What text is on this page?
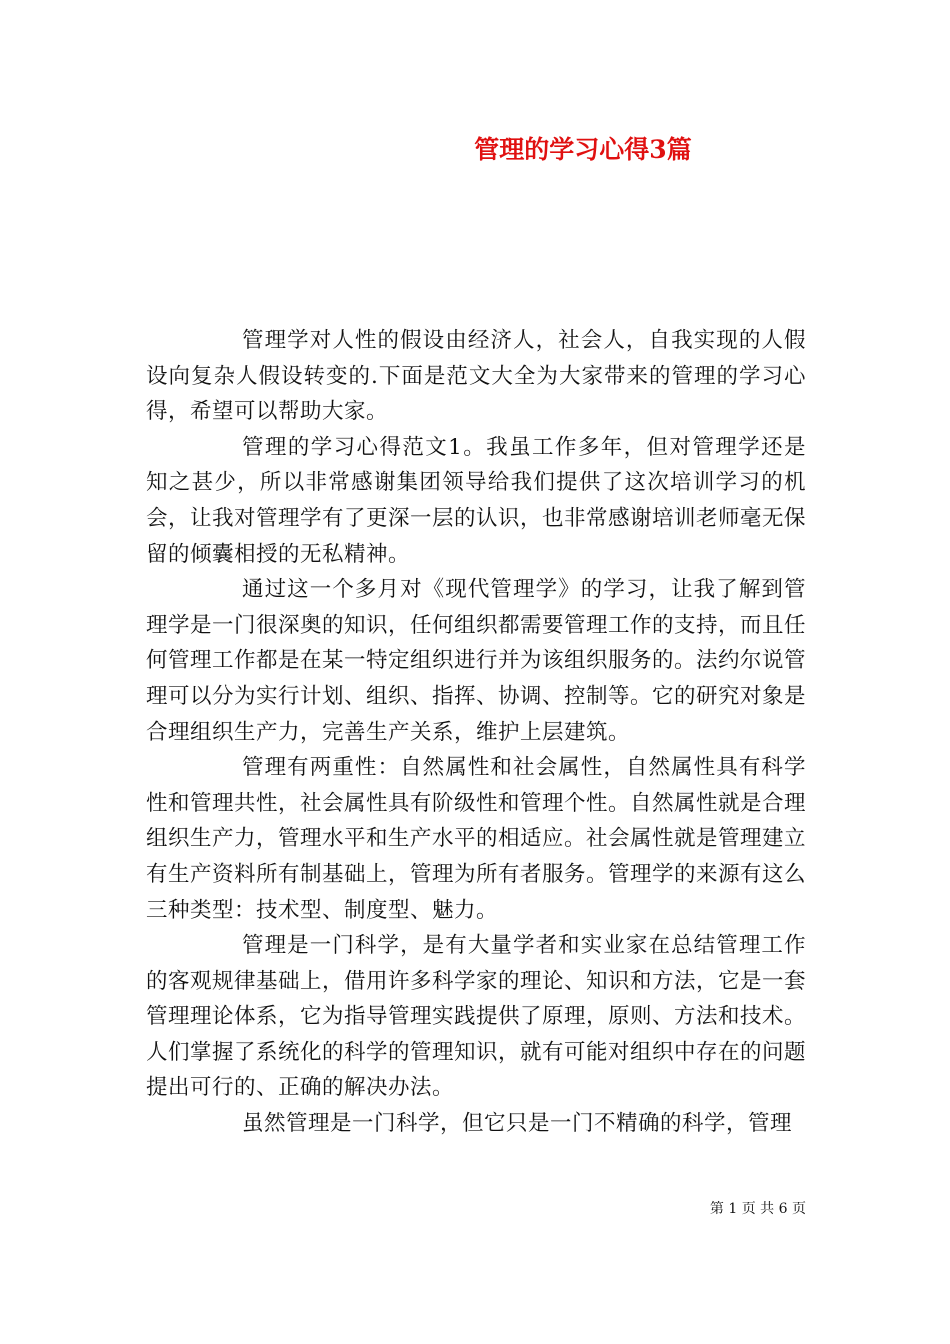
管理的学习心得3篇

管理学对人性的假设由经济人，社会人，自我实现的人假设向复杂人假设转变的.下面是范文大全为大家带来的管理的学习心得，希望可以帮助大家。

管理的学习心得范文1。我虽工作多年，但对管理学还是知之甚少，所以非常感谢集团领导给我们提供了这次培训学习的机会，让我对管理学有了更深一层的认识，也非常感谢培训老师毫无保留的倾囊相授的无私精神。

通过这一个多月对《现代管理学》的学习，让我了解到管理学是一门很深奥的知识，任何组织都需要管理工作的支持，而且任何管理工作都是在某一特定组织进行并为该组织服务的。法约尔说管理可以分为实行计划、组织、指挥、协调、控制等。它的研究对象是合理组织生产力，完善生产关系，维护上层建筑。

管理有两重性：自然属性和社会属性，自然属性具有科学性和管理共性，社会属性具有阶级性和管理个性。自然属性就是合理组织生产力，管理水平和生产水平的相适应。社会属性就是管理建立有生产资料所有制基础上，管理为所有者服务。管理学的来源有这么三种类型：技术型、制度型、魅力。

管理是一门科学，是有大量学者和实业家在总结管理工作的客观规律基础上，借用许多科学家的理论、知识和方法，它是一套管理理论体系，它为指导管理实践提供了原理，原则、方法和技术。人们掌握了系统化的科学的管理知识，就有可能对组织中存在的问题提出可行的、正确的解决办法。

虽然管理是一门科学，但它只是一门不精确的科学，管理

第 1 页 共 6 页
